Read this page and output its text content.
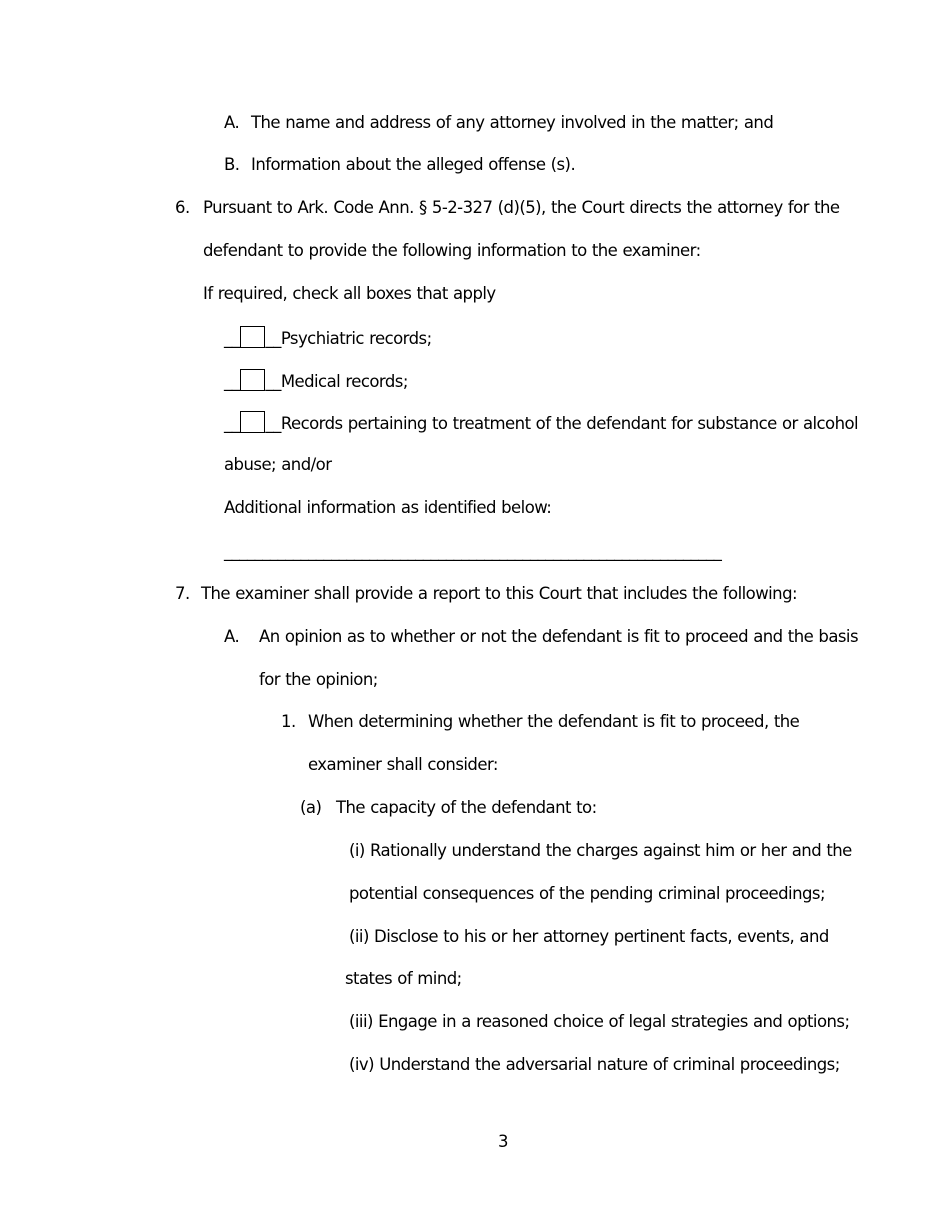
A. The name and address of any attorney involved in the matter; and
B. Information about the alleged offense (s).
6. Pursuant to Ark. Code Ann. § 5-2-327 (d)(5), the Court directs the attorney for the
defendant to provide the following information to the examiner:
If required, check all boxes that apply
__ __Psychiatric records;
__ __Medical records;
__ __Records pertaining to treatment of the defendant for substance or alcohol
abuse; and/or
Additional information as identified below:
_________________________________________________________________
7. The examiner shall provide a report to this Court that includes the following:
A. An opinion as to whether or not the defendant is fit to proceed and the basis
for the opinion;
1. When determining whether the defendant is fit to proceed, the
examiner shall consider:
(a) The capacity of the defendant to:
(i) Rationally understand the charges against him or her and the
potential consequences of the pending criminal proceedings;
(ii) Disclose to his or her attorney pertinent facts, events, and
states of mind;
(iii) Engage in a reasoned choice of legal strategies and options;
(iv) Understand the adversarial nature of criminal proceedings;
3
